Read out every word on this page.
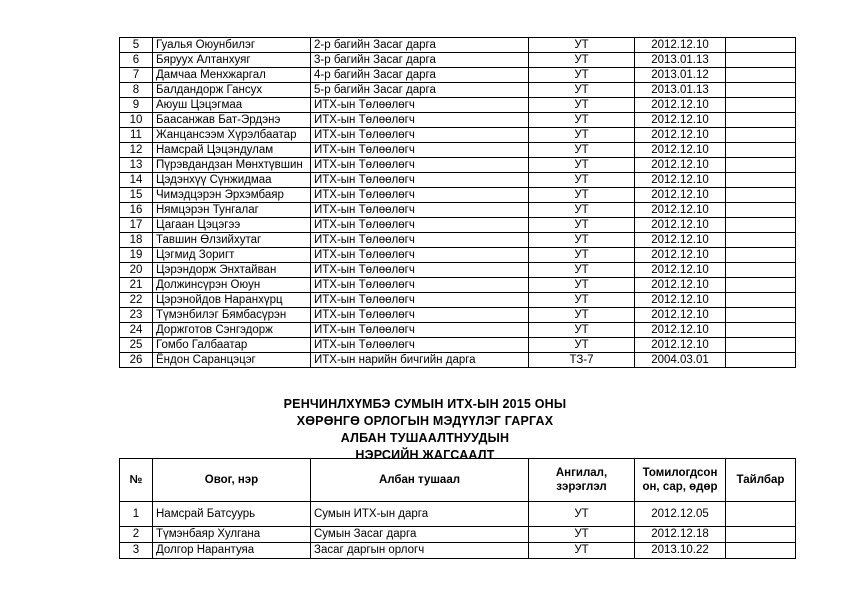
5	Гуалья Оюунбилэг	2-р багийн Засаг дарга	УТ	2012.12.10	
6	Бяруух Алтанхуяг	3-р багийн Засаг дарга	УТ	2013.01.13	
7	Дамчаа Менхжаргал	4-р багийн Засаг дарга	УТ	2013.01.12	
8	Балдандорж Гансух	5-р багийн Засаг дарга	УТ	2013.01.13	
9	Аюуш Цэцэгмаа	ИТХ-ын Төлөөлөгч	УТ	2012.12.10	
10	Баасанжав Бат-Эрдэнэ	ИТХ-ын Төлөөлөгч	УТ	2012.12.10	
11	Жанцансээм Хүрэлбаатар	ИТХ-ын Төлөөлөгч	УТ	2012.12.10	
12	Намсрай Цэцэндулам	ИТХ-ын Төлөөлөгч	УТ	2012.12.10	
13	Пүрэвдандзан Мөнхтүвшин	ИТХ-ын Төлөөлөгч	УТ	2012.12.10	
14	Цэдэнхүү Сүнжидмаа	ИТХ-ын Төлөөлөгч	УТ	2012.12.10	
15	Чимэдцэрэн Эрхэмбаяр	ИТХ-ын Төлөөлөгч	УТ	2012.12.10	
16	Нямцэрэн Тунгалаг	ИТХ-ын Төлөөлөгч	УТ	2012.12.10	
17	Цагаан Цэцэгээ	ИТХ-ын Төлөөлөгч	УТ	2012.12.10	
18	Тавшин Өлзийхутаг	ИТХ-ын Төлөөлөгч	УТ	2012.12.10	
19	Цэгмид Зоригт	ИТХ-ын Төлөөлөгч	УТ	2012.12.10	
20	Цэрэндорж Энхтайван	ИТХ-ын Төлөөлөгч	УТ	2012.12.10	
21	Должинсүрэн Оюун	ИТХ-ын Төлөөлөгч	УТ	2012.12.10	
22	Цэрэнойдов Наранхүрц	ИТХ-ын Төлөөлөгч	УТ	2012.12.10	
23	Түмэнбилэг Бямбасүрэн	ИТХ-ын Төлөөлөгч	УТ	2012.12.10	
24	Доржготов Сэнгэдорж	ИТХ-ын Төлөөлөгч	УТ	2012.12.10	
25	Гомбо Галбаатар	ИТХ-ын Төлөөлөгч	УТ	2012.12.10	
26	Ёндон Саранцэцэг	ИТХ-ын нарийн бичгийн дарга	ТЗ-7	2004.03.01	
РЕНЧИНЛХҮМБЭ СУМЫН ИТХ-ЫН 2015 ОНЫ
ХӨРӨНГӨ ОРЛОГЫН МЭДҮҮЛЭГ ГАРГАХ
АЛБАН ТУШААЛТНУУДЫН
НЭРСИЙН ЖАГСААЛТ
№	Овог, нэр	Албан тушаал	Ангилал, зэрэглэл	Томилогдсон он, сар, өдөр	Тайлбар
1	Намсрай Батсуурь	Сумын ИТХ-ын дарга	УТ	2012.12.05	
2	Түмэнбаяр Хулгана	Сумын Засаг дарга	УТ	2012.12.18	
3	Долгор Нарантуяа	Засаг даргын орлогч	УТ	2013.10.22	
